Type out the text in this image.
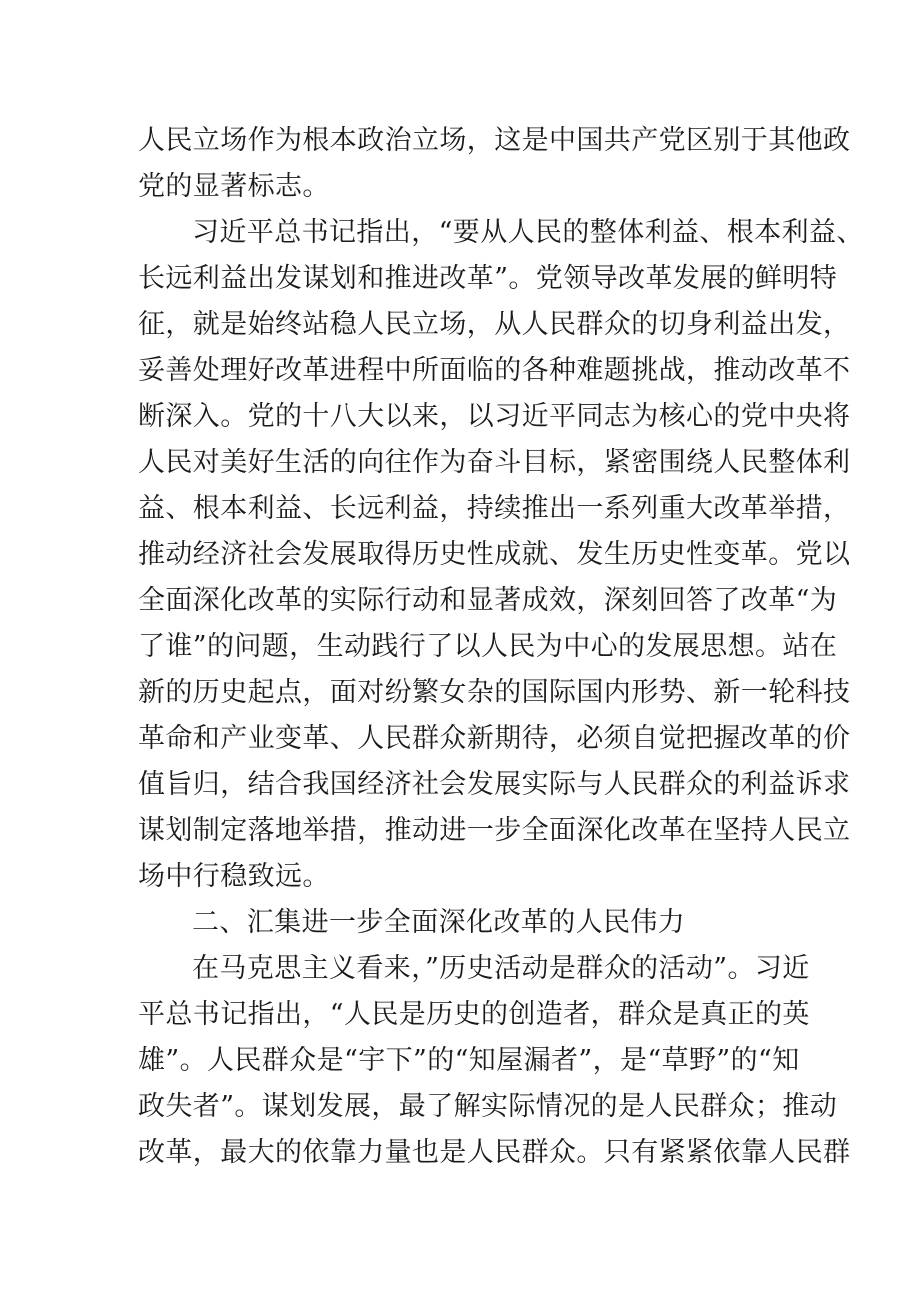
人民立场作为根本政治立场，这是中国共产党区别于其他政
党的显著标志。
习近平总书记指出，“要从人民的整体利益、根本利益、
长远利益出发谋划和推进改革”。党领导改革发展的鲜明特
征，就是始终站稳人民立场，从人民群众的切身利益出发，
妥善处理好改革进程中所面临的各种难题挑战，推动改革不
断深入。党的十八大以来，以习近平同志为核心的党中央将
人民对美好生活的向往作为奋斗目标，紧密围绕人民整体利
益、根本利益、长远利益，持续推出一系列重大改革举措，
推动经济社会发展取得历史性成就、发生历史性变革。党以
全面深化改革的实际行动和显著成效，深刻回答了改革“为
了谁”的问题，生动践行了以人民为中心的发展思想。站在
新的历史起点，面对纷繁女杂的国际国内形势、新一轮科技
革命和产业变革、人民群众新期待，必须自觉把握改革的价
值旨归，结合我国经济社会发展实际与人民群众的利益诉求
谋划制定落地举措，推动进一步全面深化改革在坚持人民立
场中行稳致远。
二、汇集进一步全面深化改革的人民伟力
在马克思主义看来，”历史活动是群众的活动”。习近
平总书记指出，“人民是历史的创造者，群众是真正的英
雄”。人民群众是“宇下”的“知屋漏者”，是“草野”的“知
政失者”。谋划发展，最了解实际情况的是人民群众；推动
改革，最大的依靠力量也是人民群众。只有紧紧依靠人民群
